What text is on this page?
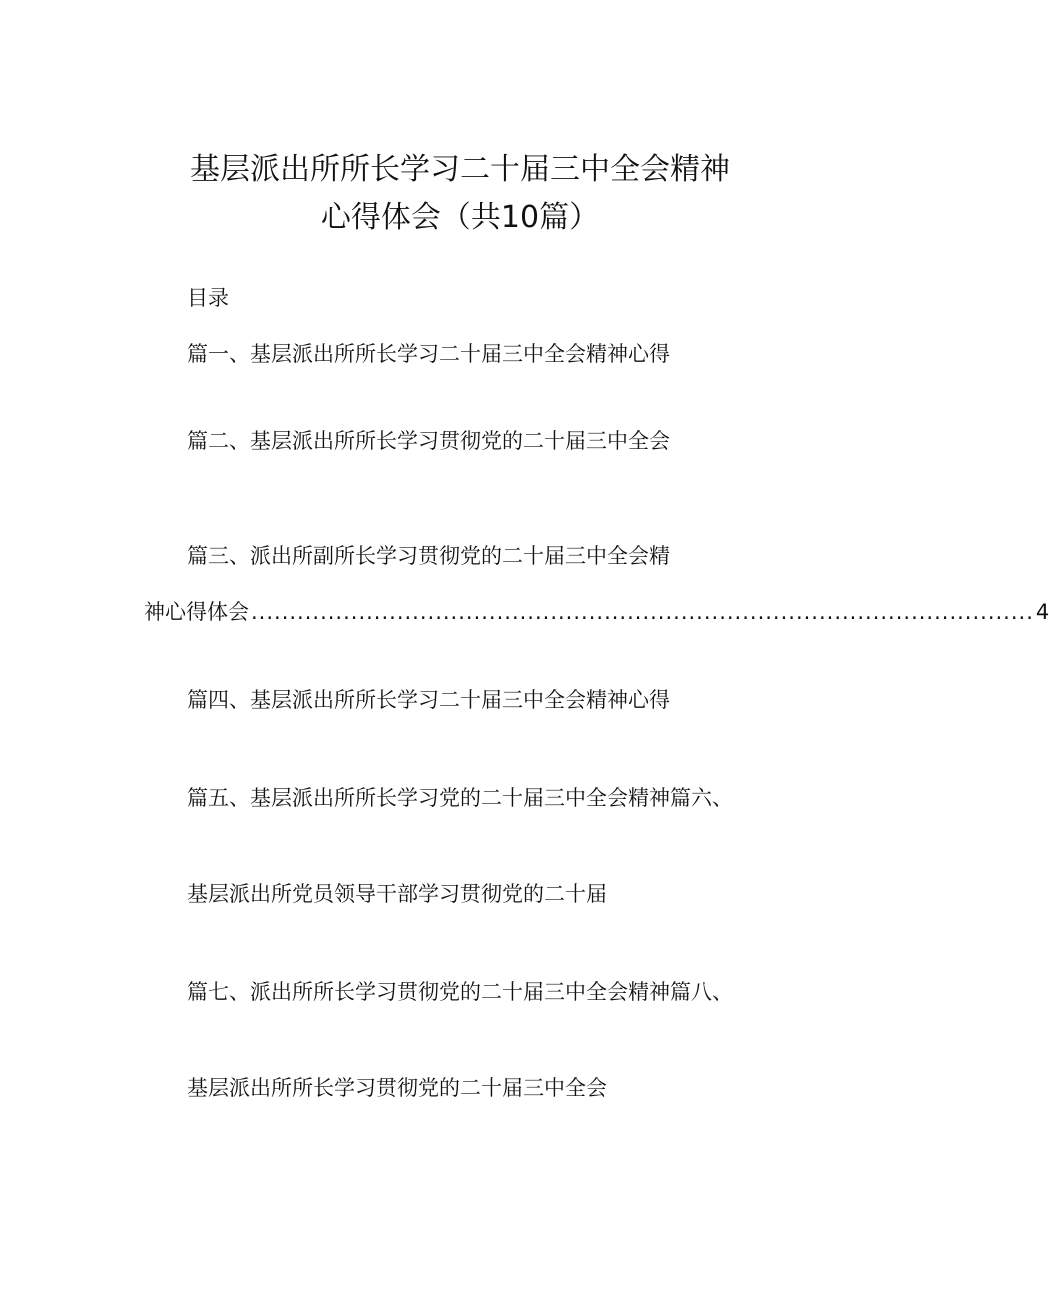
基层派出所所长学习二十届三中全会精神
心得体会（共10篇）
目录
篇一、基层派出所所长学习二十届三中全会精神心得
篇二、基层派出所所长学习贯彻党的二十届三中全会
篇三、派出所副所长学习贯彻党的二十届三中全会精
神心得体会 ...................................................................................................... 4
篇四、基层派出所所长学习二十届三中全会精神心得
篇五、基层派出所所长学习党的二十届三中全会精神篇六、
基层派出所党员领导干部学习贯彻党的二十届
篇七、派出所所长学习贯彻党的二十届三中全会精神篇八、
基层派出所所长学习贯彻党的二十届三中全会
